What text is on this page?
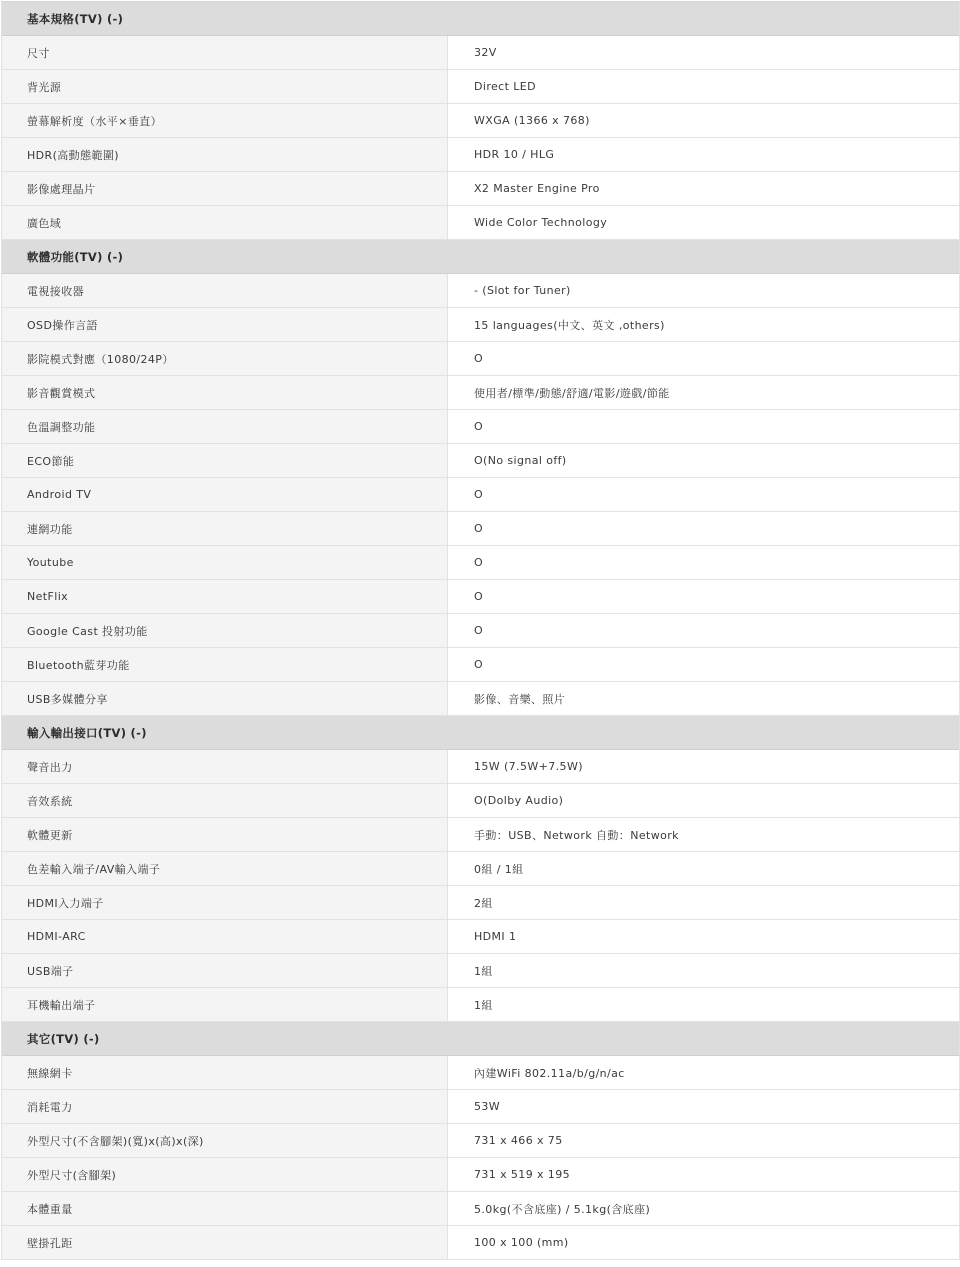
基本規格(TV) (-)
尺寸	32V
背光源	Direct LED
螢幕解析度（水平×垂直）	WXGA (1366 x 768)
HDR(高動態範圍)	HDR 10 / HLG
影像處理晶片	X2 Master Engine Pro
廣色域	Wide Color Technology
軟體功能(TV) (-)
電視接收器	- (Slot for Tuner)
OSD操作言語	15 languages(中文、英文 ,others)
影院模式對應（1080/24P）	O
影音觀賞模式	使用者/標準/動態/舒適/電影/遊戲/節能
色溫調整功能	O
ECO節能	O(No signal off)
Android TV	O
連網功能	O
Youtube	O
NetFlix	O
Google Cast 投射功能	O
Bluetooth藍芽功能	O
USB多媒體分享	影像、音樂、照片
輸入輸出接口(TV) (-)
聲音出力	15W (7.5W+7.5W)
音效系統	O(Dolby Audio)
軟體更新	手動：USB、Network 自動：Network
色差輸入端子/AV輸入端子	0組 / 1組
HDMI入力端子	2組
HDMI-ARC	HDMI 1
USB端子	1組
耳機輸出端子	1組
其它(TV) (-)
無線網卡	內建WiFi 802.11a/b/g/n/ac
消耗電力	53W
外型尺寸(不含腳架)(寬)x(高)x(深)	731 x 466 x 75
外型尺寸(含腳架)	731 x 519 x 195
本體重量	5.0kg(不含底座) / 5.1kg(含底座)
壁掛孔距	100 x 100 (mm)
